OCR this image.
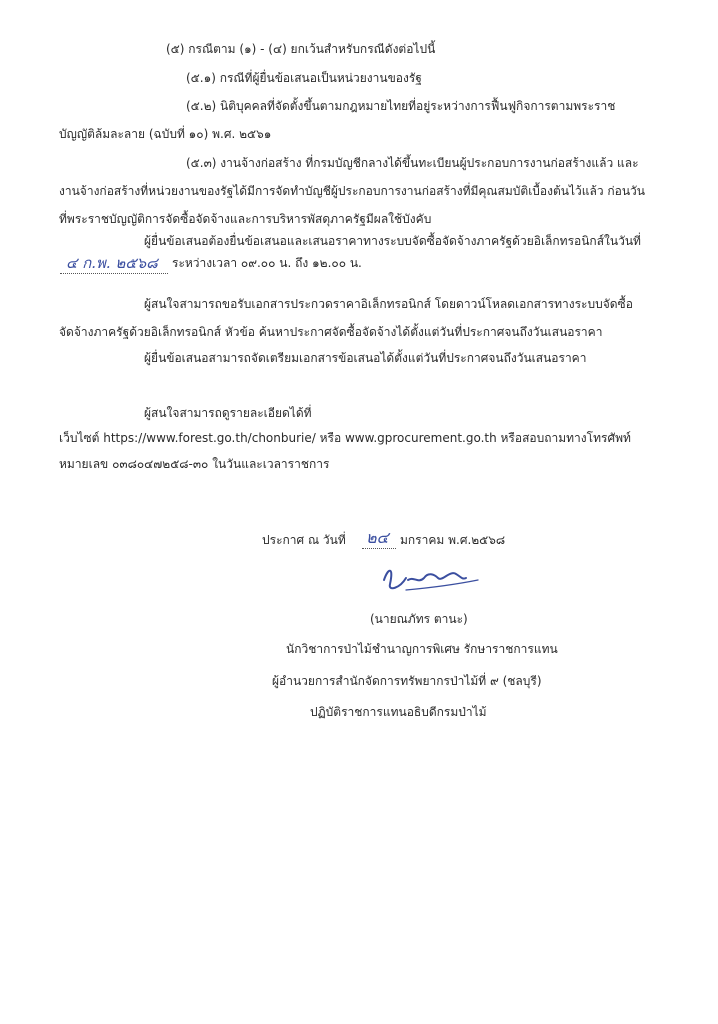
(๕) กรณีตาม (๑) - (๔) ยกเว้นสำหรับกรณีดังต่อไปนี้
(๕.๑) กรณีที่ผู้ยื่นข้อเสนอเป็นหน่วยงานของรัฐ
(๕.๒) นิติบุคคลที่จัดตั้งขึ้นตามกฎหมายไทยที่อยู่ระหว่างการฟื้นฟูกิจการตามพระราช
บัญญัติล้มละลาย (ฉบับที่ ๑๐) พ.ศ. ๒๕๖๑
(๕.๓) งานจ้างก่อสร้าง ที่กรมบัญชีกลางได้ขึ้นทะเบียนผู้ประกอบการงานก่อสร้างแล้ว และ
งานจ้างก่อสร้างที่หน่วยงานของรัฐได้มีการจัดทำบัญชีผู้ประกอบการงานก่อสร้างที่มีคุณสมบัติเบื้องต้นไว้แล้ว ก่อนวัน
ที่พระราชบัญญัติการจัดซื้อจัดจ้างและการบริหารพัสดุภาครัฐมีผลใช้บังคับ
ผู้ยื่นข้อเสนอต้องยื่นข้อเสนอและเสนอราคาทางระบบจัดซื้อจัดจ้างภาครัฐด้วยอิเล็กทรอนิกส์ในวันที่
๔ ก.พ. ๒๕๖๘ ระหว่างเวลา ๐๙.๐๐ น. ถึง ๑๒.๐๐ น.
ผู้สนใจสามารถขอรับเอกสารประกวดราคาอิเล็กทรอนิกส์ โดยดาวน์โหลดเอกสารทางระบบจัดซื้อ
จัดจ้างภาครัฐด้วยอิเล็กทรอนิกส์ หัวข้อ ค้นหาประกาศจัดซื้อจัดจ้างได้ตั้งแต่วันที่ประกาศจนถึงวันเสนอราคา
ผู้ยื่นข้อเสนอสามารถจัดเตรียมเอกสารข้อเสนอได้ตั้งแต่วันที่ประกาศจนถึงวันเสนอราคา
ผู้สนใจสามารถดูรายละเอียดได้ที่
เว็บไซต์ https://www.forest.go.th/chonburie/ หรือ www.gprocurement.go.th หรือสอบถามทางโทรศัพท์
หมายเลข ๐๓๘๐๔๗๒๕๘-๓๐ ในวันและเวลาราชการ
ประกาศ ณ วันที่ ๒๔ มกราคม พ.ศ.๒๕๖๘
(นายณภัทร ตานะ)
นักวิชาการป่าไม้ชำนาญการพิเศษ รักษาราชการแทน
ผู้อำนวยการสำนักจัดการทรัพยากรป่าไม้ที่ ๙ (ชลบุรี)
ปฏิบัติราชการแทนอธิบดีกรมป่าไม้
